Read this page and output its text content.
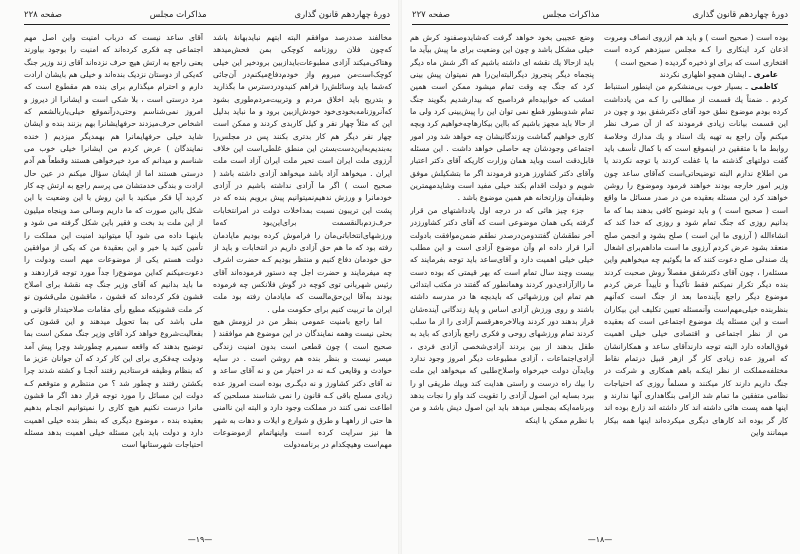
دورهٔ چهاردهم قانون گذاری
مذاکرات مجلس
صفحه ۲۲۸

مخالفند صددرصد موافقم البته ابتهم نبایدبهانهٔ باشد که‌چون فلان روزنامه کوچکی بمن فحش‌میدهد وهتاکی‌میکند آزادی مطبوعات‌بایدازبین برود‌خیر این خیلی کوچک‌است‌من میروم واز خودم‌دفاع‌میکنم‌در آن‌جائی که‌شما باید وسائلش‌را فراهم کنید‌ودردسترس ما بگذارید و بتدریج باید اخلاق مردم و وتربیت‌مردم‌طوری بشود که‌آنروزنامه‌بخودی‌خود خودش‌ازبین برود و ما نباید بدلیل این که مثلاً چهار نفر و کیل کاربدی کردند و ممکن است چهار نفر دیگر هم کار بدتری بکنند پس در مجلس‌را به‌بندیم‌به‌این‌دست‌بستن این منطق غلطی‌است این خلاف آرزوی ملت ایران است تحیر ملت ایران آزاد است ملت ایران . میخواهد آزاد باشد میخواهد آزادی داشته باشد ( صحیح است ) اگر ما آزادی نداشته باشیم در آزادی خودمانرا و ورزش ندهیم‌نمیتوانیم پیش برویم بنده که در پشت این تریبون نسبت بمداخلات دولت در امرانتخابات حرف‌زدم‌بالنقسمت برای‌این‌بود که‌ما ورزشهای‌انتخاباتی‌مان را فراموش کرده بودیم مایادمان رفته بود که ما هم حق آزادی داریم در انتخابات و باید از حق خودمان دفاع کنیم و منتظر بودیم کـه حضرت اشرف چه میفرمایند و حضرت اجل چه دستور فرموده‌اند آقای رئیس شهربانی توی کوچه در گوش فلانکس چه فرموده بودند به‌آقا این‌حق‌مالست که مایادمان رفته بود ملت ایران ما تربیت کنیم برای حکومت ملی .

اما راجع بامنیت عمومی بنظر من در لزومش هیچ بحثی نیست وهمه نمایندگان در این موضوع هم موافقند ( صحیح است ) چون قطعی است بدون امنیت زندگی میسر نیست و بنظر بنده هم روشن است . در سایه حوادث و وقایعی کـه نه در اختیار من و نه آقای ساعد و نه آقای دکتر کشاورز و نه دیگـری بوده است امروز عده زیادی مسلح باقی کـه قانون را نمی شناسند مسلحین که اطاعت نمی کنند در مملکت وجود دارد و البته این ناامنی ها حتی از راههـا و طرق و شوارع و ایلات و دهات به شهر ها نیز سرایت کرده است واینها‌تمام ازموضوعات مهم‌است وهیچکدام در برنامه‌دولت

آقای ساعد نیست که درباب امنیت واین اصل مهم اجتماعی چه فکری کرده‌اند که امنیت را بوجود بیاورند یعنی راجع به ارتش هیچ حرف نزده‌اند آقای زند وزیر جنگ که‌یکی از دوستان نزدیک بنده‌اند و خیلی هم بایشان ارادت دارم و احترام میگذارم برای بنده هم مقطوع است که مرد درستی است ، بلا شکی است و ایشانرا از دیروز و امروز نمی‌شناسم وحتی‌درآنموقع خیلی‌باربالشعم که اشخاص حرف‌میزدند حرفهایشانرا بهم بزنند بنده و ایشان شاید خیلی حرفهایمانرا هم بهمدیگر میزدیم ( خنده نمایندگان ) عرض کردم من ایشانرا خیلی خوب می شناسم و میدانم که مرد خیرخواهی هستند وقطعاً هم آدم درستی هستند اما از ایشان سؤال میکنم در عین حال ارادت و بندگی خدمتشان می پرسم راجع به ارتش چه کار کردید آیا فکر میکنید با این روش با این وضعیت با این شکل بااین صورت که ما داریم وسالی صد وپنجاه میلیون از این ملت بد بخت و فقیر باین شکل گرفته می شود و بابنهـا داده می شود آیا میتوانید امنیت این مملکت را تأمین کنید یا خیر و این بعقیدهٔ من که یکی از موافقین دولت هستم یکی از موضوعات مهم است ودولت را دعوت‌میکنم که‌این موضوع‌را جداً مورد توجه قراردهند و ما باید بدانیم که آقای وزیر جنگ چه نقشهٔ برای اصلاح قشون فکر کرده‌اند که قشون ، ماقشون ملی‌قشون نو کر ملت قشونیکه مطیع رأی مقامات صلاحیتدار قانونی و ملی باشد کی بما تحویل میدهند و این قشون کی بفعالیت‌شروع خواهد کرد آقای وزیر جنگ ممکن است بما توضیح بدهند که واقعه سمیرم چطورشد وچرا پیش آمد ودولت چه‌فکری برای این کار کرد که آن جوانان عزیز ما که بنظام وظیفه فرستادیم رفتند آنجـا و کشته شدند چرا بکشتن رفتند و چطور شد ؟ من منتظرم و متوقعم کـه دولت این مسائل را مورد توجه قرار دهد اگر ما قشون مانرا درست نکنیم هیچ کاری را نمیتوانیم انجـام بدهیم بعقیده بنده ، موضوع دیگری که بنظر بنده خیلی اهمیت دارد و دولت باید باین مسئله خیلی اهمیت بدهد مسئله احتیاجات شهرستانها است

—۱۹—
دورهٔ چهاردهم قانون گذاری
مذاکرات مجلس
صفحه ۲۲۷

بوده است ( صحیح است ) و باید هم ازروی انصاف ومروت اذعان کرد اینکاری را کـه مجلس سیزدهم کرده است افتخاری است که برای او ذخیره گردیده ( صحیح است )

عامری ـ ایشان همچو اظهاری نکردند

کاظمی ـ بسیار خوب بی‌منشکرم من اینطور استنباط کردم . ضمناً یك قسمت از مطالبی را کـه من یادداشت کرده بودم موضوع نطق خود آقای دکترشفق بود و چون در این قسمت بیانات زیادی فرمودند که از آن صرف نظر میکنم وآن راجع به تهیه یك اسناد و یك مدارك وخلاصهٔ روابط ما با متفقین در اینموقع است که با کمال تأسف باید گفت دولتهای گذشته ما یا غفلت کردند یا توجه نکردند یا من اطلاع ندارم البته توضیحاتی‌است که‌آقای ساعد چون وزیر امور خارجه بودند خواهند فرمود وموضوع را روشن خواهند کرد این مسئله بعقیده من در صدر مسائل ما واقع است ( صحیح است ) و باید توضیح کافی بدهند بما که ما بدانیم روزی که جنگ تمام شود و روزی که خدا کند که انشاءالله ( آرزوی ما این است ) صلح بشود و انجمن صلح منعقد بشود عرض کردم آرزوی ما است ماداهم‌برای اشغال یك صندلی صلح دعوت کنند که ما بگوئیم چه میخواهیم واین مسئله‌را ، چون آقای دکترشفق مفصلاً روش صحبت کردند بنده دیگر تکرار نمیکنم فقط تأکیداً و تأییداً عرض کردم موضوع دیگر راجع بآینده‌ما بعد از جنگ است که‌آنهم بنظر‌بنده خیلی‌مهم‌است وآنمسئله تعیین تکلیف این بیکاران است و این مسئله یك موضوع اجتماعی است که بعقیده من از نظر اجتماعی و اقتصادی خیلی خیلی اهمیت فوق‌العاده دارد البته توجه دارند‌آقای ساعد و همکارانشان که امروز عده زیادی کار گر ازهر قبیل درتمام نقاط مختلفه‌مملکت از نظر اینکـه باهم همکاری و شرکت در جنگ داریم دارند کار میکنند و مسلماً روزی که احتیاجات نظامی متفقین ما تمام شد الزامی بنگاهداری آنها ندارند و اینها همه پست هائی داشته اند کار داشته اند زارع بوده اند کار گر بوده اند کارهای دیگری میکرده‌اند اینها همه بیکار میمانند واین

وضع عجیبی بخود خواهد گرفت که‌شاید‌وصفنود کرش هم خیلی مشکل باشد و چون این وضعیت برای ما پیش بیآید ما باید ازحالا یك نقشه ای داشته باشیم که اگر شش ماه دیگر پنجماه دیگر پنجروز دیگرالبته‌این‌را هم نمیتوان پیش بینی کرد که جنگ چه وقت تمام میشود ممکن است همین امشب که خوابیده‌ام فرداصبح که بیدارشدیم بگویند جنگ تمام شدوبطور قطع نمی توان این را پیش‌بینی کرد ولی ما از حالا باید مجهز باشیم که بااین بیکارهاچه‌خواهیم کرد وبچه کاری خواهیم گماشت وزندگانیشان چه خواهد شد ودر امور اجتماعی وجودشان چه حاصلی خواهد داشت . این مسئله قابل‌دقت است وباید همان وزارت کاریکه آقای دکتر اعتبار وآقای دکتر کشاورز هردو فرمودند اگر ما بتشکیلش موفق شویم و دولت اقدام بکند خیلی مفید است وشاید‌مهمترین وظیفه‌آن وزارتخانه هم همین موضوع باشد .

جزء چیز هائی که در درجه اول یادداشتهای من قرار گرفته یکی همان موضوعی است که آقای دکتر کشاورزدر آخر نطقشان گفتند‌ومن‌درصدر نطقم ضمن‌موافقت بادولت آنرا قرار داده ام وآن موضوع آزادی است و این مطلب خیلی خیلی اهمیت دارد و آقای‌ساعد باید توجه بفرمایند که بیست وچند سال تمام است که بهر قیمتی که بوده دست ما راازآزادی‌دور کردند وهمانطور که گفتند در مکتب ابتدائی هم تمام این ورزشهائی که بایدبچه ها در مدرسه داشته باشند و روی ورزش آزادی اساس و پایهٔ زندگانی آینده‌شان قرار بدهند دور کردند وبالاخره‌هرقسم آزادی را از ما سلب کردند تمام ورزشهای روحی و فکری راجع بآزادی که باید به طفل بدهند از بین بردند آزادی‌شخصی آزادی فردی ، آزادی‌اجتماعات ، آزادی مطبوعات دیگر امروز وجود ندارد وبایدآن دولت خیرخواه واصلاح‌طلبی که میخواهد این ملت را بیك راه درست و راستی هدایت کند وبیك طریقی او را ببرد بسایه این اصول آزادی را تقویت کند واو را نجات بدهد وبرنامه‌ایکه بمجلس میدهد باید این اصول دیش باشد و من با نظرم ممکن با اینکه

—۱۸—
